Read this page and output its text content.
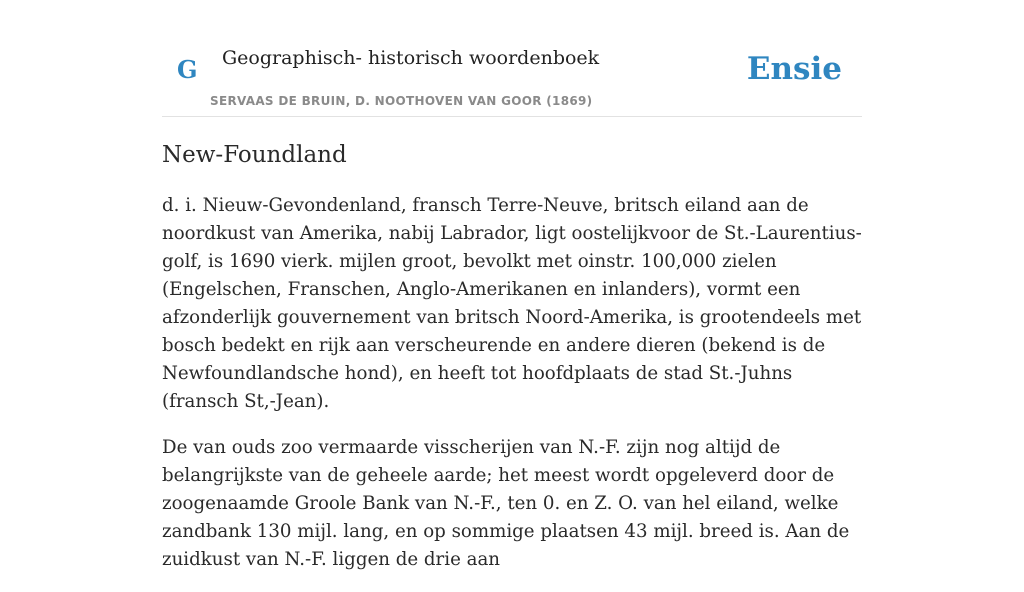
G Geographisch- historisch woordenboek
SERVAAS DE BRUIN, D. NOOTHOVEN VAN GOOR (1869)
Ensie
New-Foundland

d. i. Nieuw-Gevondenland, fransch Terre-Neuve, britsch eiland aan de noordkust van Amerika, nabij Labrador, ligt oostelijkvoor de St.-Laurentius-golf, is 1690 vierk. mijlen groot, bevolkt met oinstr. 100,000 zielen (Engelschen, Franschen, Anglo-Amerikanen en inlanders), vormt een afzonderlijk gouvernement van britsch Noord-Amerika, is grootendeels met bosch bedekt en rijk aan verscheurende en andere dieren (bekend is de Newfoundlandsche hond), en heeft tot hoofdplaats de stad St.-Juhns (fransch St,-Jean).

De van ouds zoo vermaarde visscherijen van N.-F. zijn nog altijd de belangrijkste van de geheele aarde; het meest wordt opgeleverd door de zoogenaamde Groole Bank van N.-F., ten 0. en Z. O. van hel eiland, welke zandbank 130 mijl. lang, en op sommige plaatsen 43 mijl. breed is. Aan de zuidkust van N.-F. liggen de drie aan
